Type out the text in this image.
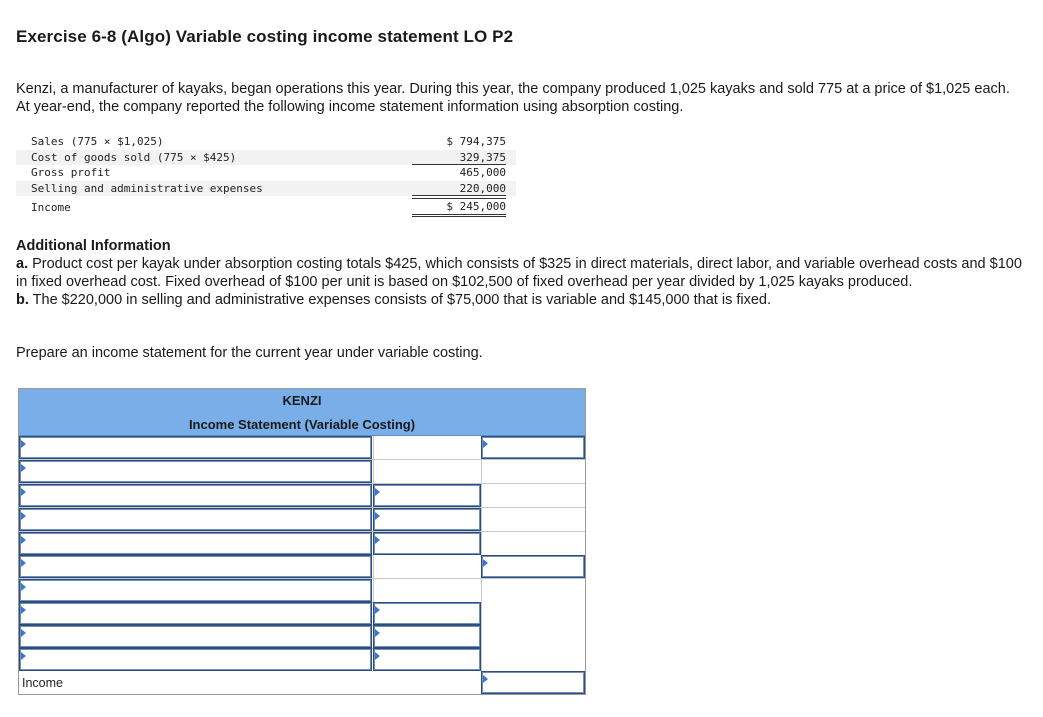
Exercise 6-8 (Algo) Variable costing income statement LO P2
Kenzi, a manufacturer of kayaks, began operations this year. During this year, the company produced 1,025 kayaks and sold 775 at a price of $1,025 each. At year-end, the company reported the following income statement information using absorption costing.
Sales (775 × $1,025)	$ 794,375
Cost of goods sold (775 × $425)	329,375
Gross profit	465,000
Selling and administrative expenses	220,000
Income	$ 245,000
Additional Information
a. Product cost per kayak under absorption costing totals $425, which consists of $325 in direct materials, direct labor, and variable overhead costs and $100 in fixed overhead cost. Fixed overhead of $100 per unit is based on $102,500 of fixed overhead per year divided by 1,025 kayaks produced.
b. The $220,000 in selling and administrative expenses consists of $75,000 that is variable and $145,000 that is fixed.
Prepare an income statement for the current year under variable costing.
KENZI
Income Statement (Variable Costing)
Income
